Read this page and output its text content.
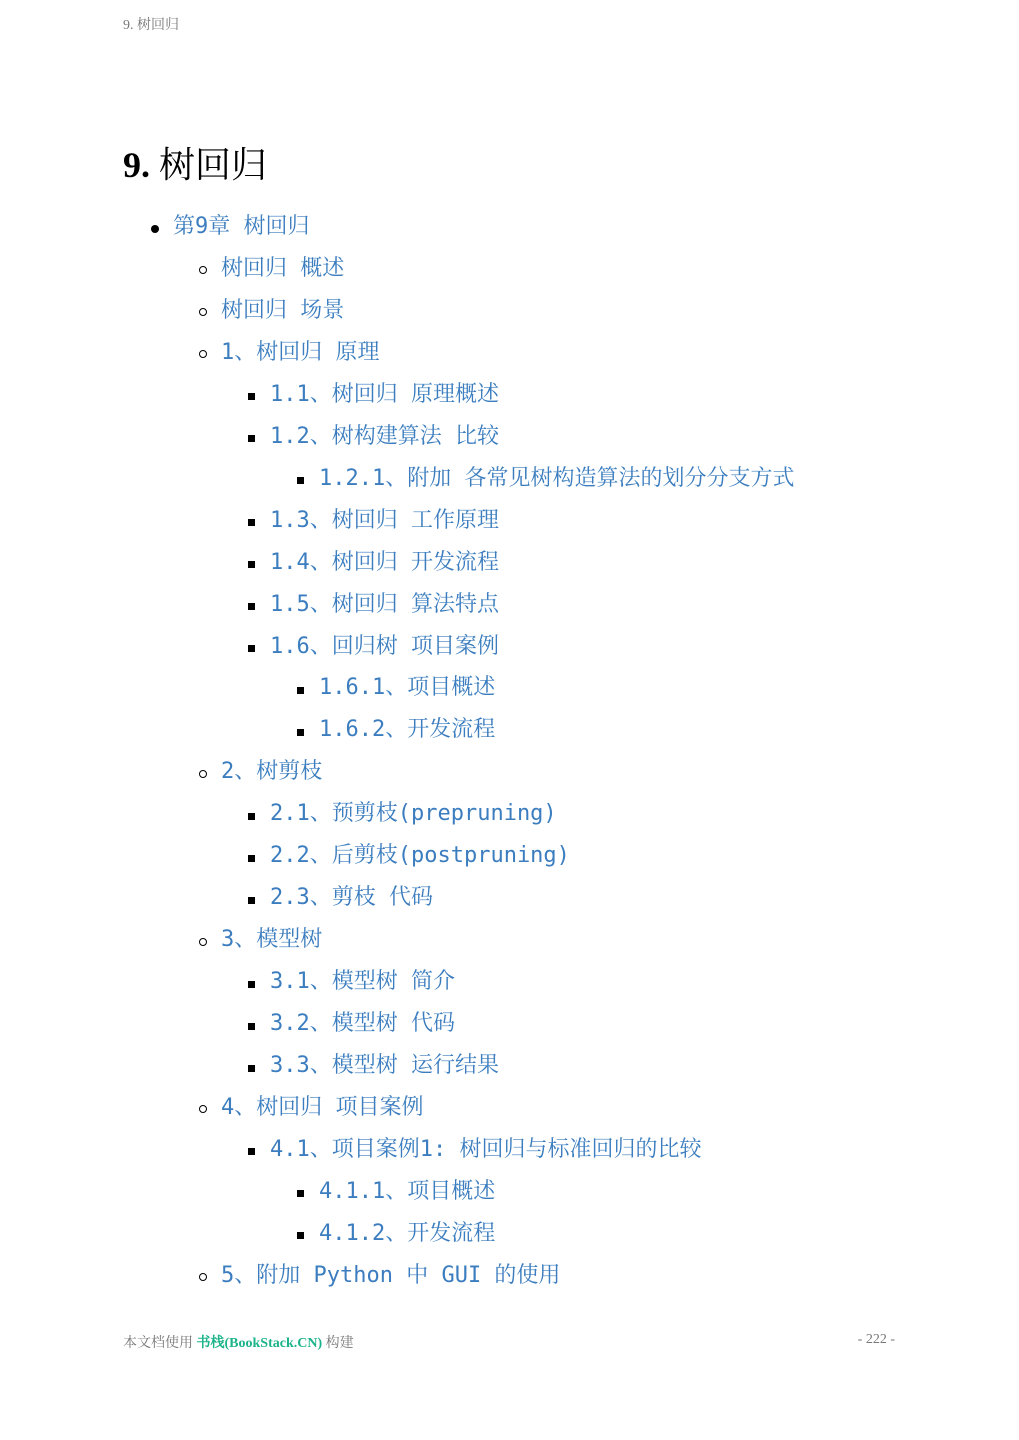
9. 树回归
9. 树回归
第9章 树回归
树回归 概述
树回归 场景
1、树回归 原理
1.1、树回归 原理概述
1.2、树构建算法 比较
1.2.1、附加 各常见树构造算法的划分分支方式
1.3、树回归 工作原理
1.4、树回归 开发流程
1.5、树回归 算法特点
1.6、回归树 项目案例
1.6.1、项目概述
1.6.2、开发流程
2、树剪枝
2.1、预剪枝(prepruning)
2.2、后剪枝(postpruning)
2.3、剪枝 代码
3、模型树
3.1、模型树 简介
3.2、模型树 代码
3.3、模型树 运行结果
4、树回归 项目案例
4.1、项目案例1: 树回归与标准回归的比较
4.1.1、项目概述
4.1.2、开发流程
5、附加 Python 中 GUI 的使用
本文档使用 书栈(BookStack.CN) 构建	- 222 -
